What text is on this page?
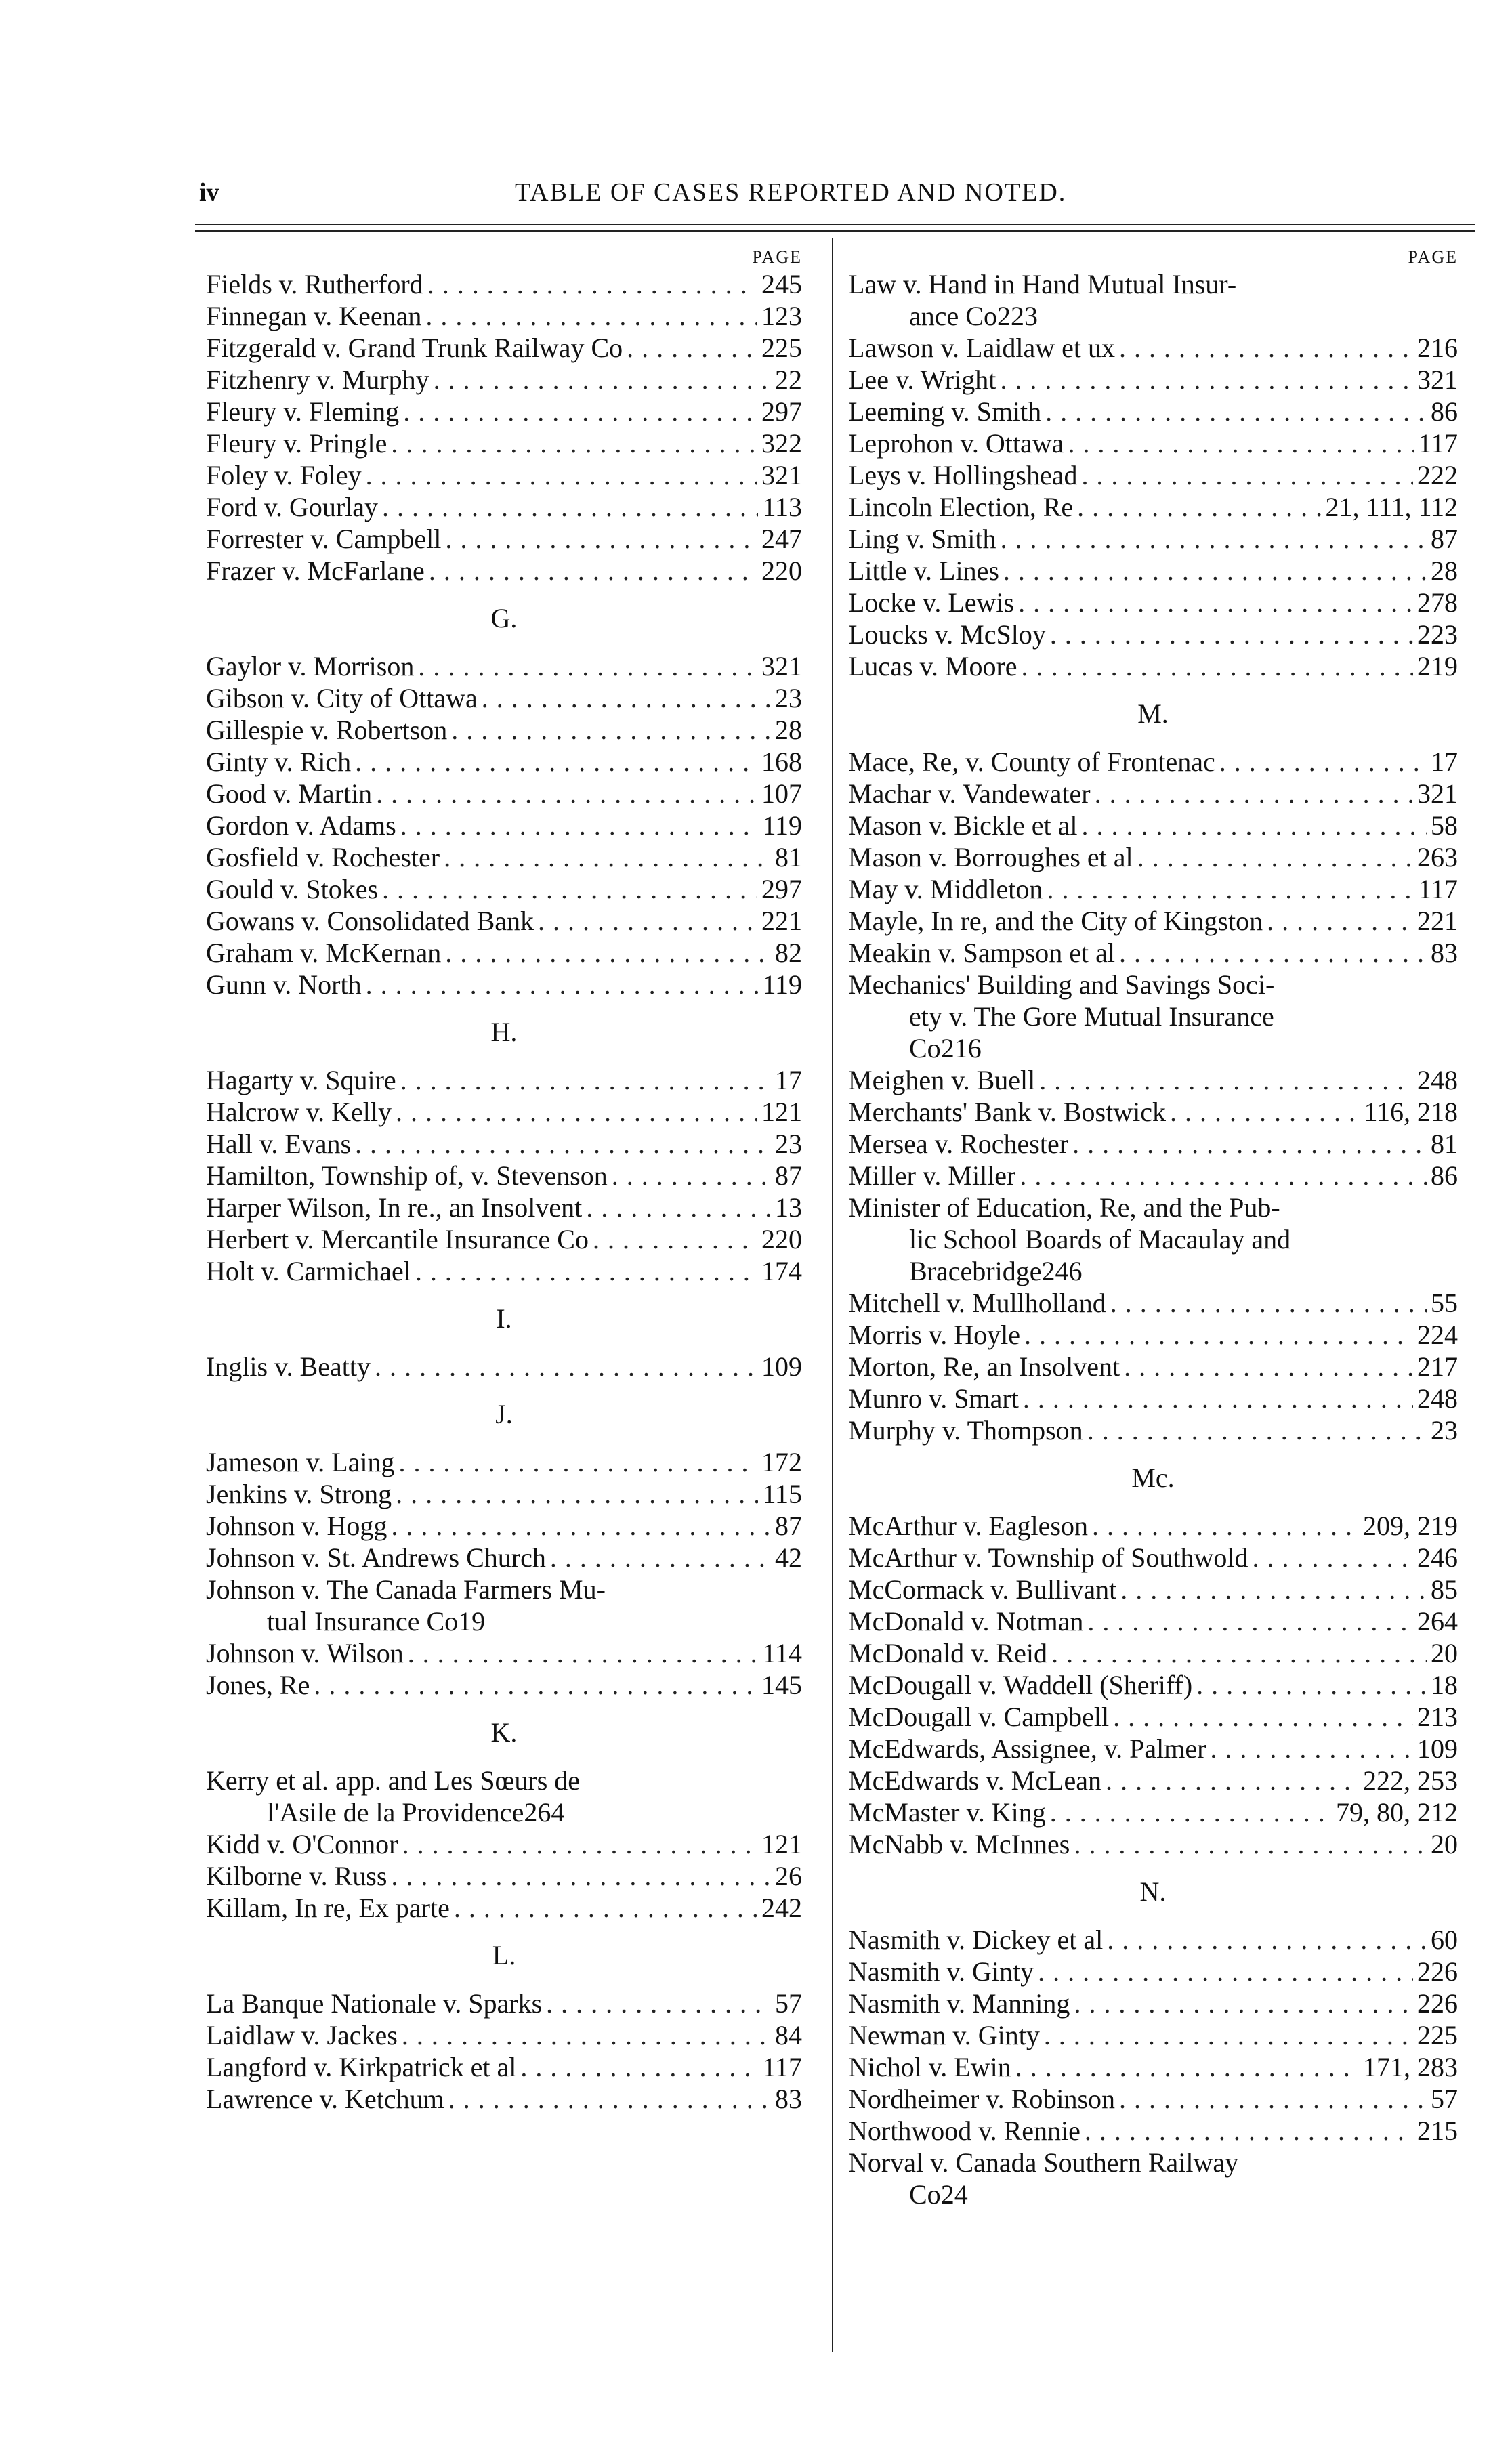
iv	TABLE OF CASES REPORTED AND NOTED.
PAGE
Fields v. Rutherford . . .	245
Finnegan v. Keenan . . .	123
Fitzgerald v. Grand Trunk Railway Co . . .	225
Fitzhenry v. Murphy . . .	22
Fleury v. Fleming . . .	297
Fleury v. Pringle . . .	322
Foley v. Foley . . .	321
Ford v. Gourlay . . .	113
Forrester v. Campbell . . .	247
Frazer v. McFarlane . . .	220
G.
Gaylor v. Morrison . . .	321
Gibson v. City of Ottawa . . .	23
Gillespie v. Robertson . . .	28
Ginty v. Rich . . .	168
Good v. Martin . . .	107
Gordon v. Adams . . .	119
Gosfield v. Rochester . . .	81
Gould v. Stokes . . .	297
Gowans v. Consolidated Bank . . .	221
Graham v. McKernan . . .	82
Gunn v. North . . .	119
H.
Hagarty v. Squire . . .	17
Halcrow v. Kelly . . .	121
Hall v. Evans . . .	23
Hamilton, Township of, v. Stevenson . . .	87
Harper Wilson, In re., an Insolvent . . .	13
Herbert v. Mercantile Insurance Co . . .	220
Holt v. Carmichael . . .	174
I.
Inglis v. Beatty . . .	109
J.
Jameson v. Laing . . .	172
Jenkins v. Strong . . .	115
Johnson v. Hogg . . .	87
Johnson v. St. Andrews Church . . .	42
Johnson v. The Canada Farmers Mu-
tual Insurance Co 19
Johnson v. Wilson . . .	114
Jones, Re . . .	145
K.
Kerry et al. app. and Les Sœurs de
l'Asile de la Providence 264
Kidd v. O'Connor . . .	121
Kilborne v. Russ . . .	26
Killam, In re, Ex parte . . .	242
L.
La Banque Nationale v. Sparks . . .	57
Laidlaw v. Jackes . . .	84
Langford v. Kirkpatrick et al . . .	117
Lawrence v. Ketchum . . .	83
PAGE
Law v. Hand in Hand Mutual Insur-
ance Co 223
Lawson v. Laidlaw et ux . . .	216
Lee v. Wright . . .	321
Leeming v. Smith . . .	86
Leprohon v. Ottawa . . .	117
Leys v. Hollingshead . . .	222
Lincoln Election, Re . . .	21, 111, 112
Ling v. Smith . . .	87
Little v. Lines . . .	28
Locke v. Lewis . . .	278
Loucks v. McSloy . . .	223
Lucas v. Moore . . .	219
M.
Mace, Re, v. County of Frontenac . . .	17
Machar v. Vandewater . . .	321
Mason v. Bickle et al . . .	58
Mason v. Borroughes et al . . .	263
May v. Middleton . . .	117
Mayle, In re, and the City of Kingston . . .	221
Meakin v. Sampson et al . . .	83
Mechanics' Building and Savings Soci-
ety v. The Gore Mutual Insurance
Co 216
Meighen v. Buell . . .	248
Merchants' Bank v. Bostwick . . .	116, 218
Mersea v. Rochester . . .	81
Miller v. Miller . . .	86
Minister of Education, Re, and the Pub-
lic School Boards of Macaulay and
Bracebridge 246
Mitchell v. Mullholland . . .	55
Morris v. Hoyle . . .	224
Morton, Re, an Insolvent . . .	217
Munro v. Smart . . .	248
Murphy v. Thompson . . .	23
Mc.
McArthur v. Eagleson . . .	209, 219
McArthur v. Township of Southwold . . .	246
McCormack v. Bullivant . . .	85
McDonald v. Notman . . .	264
McDonald v. Reid . . .	20
McDougall v. Waddell (Sheriff) . . .	18
McDougall v. Campbell . . .	213
McEdwards, Assignee, v. Palmer . . .	109
McEdwards v. McLean . . .	222, 253
McMaster v. King . . .	79, 80, 212
McNabb v. McInnes . . .	20
N.
Nasmith v. Dickey et al . . .	60
Nasmith v. Ginty . . .	226
Nasmith v. Manning . . .	226
Newman v. Ginty . . .	225
Nichol v. Ewin . . .	171, 283
Nordheimer v. Robinson . . .	57
Northwood v. Rennie . . .	215
Norval v. Canada Southern Railway
Co 24
